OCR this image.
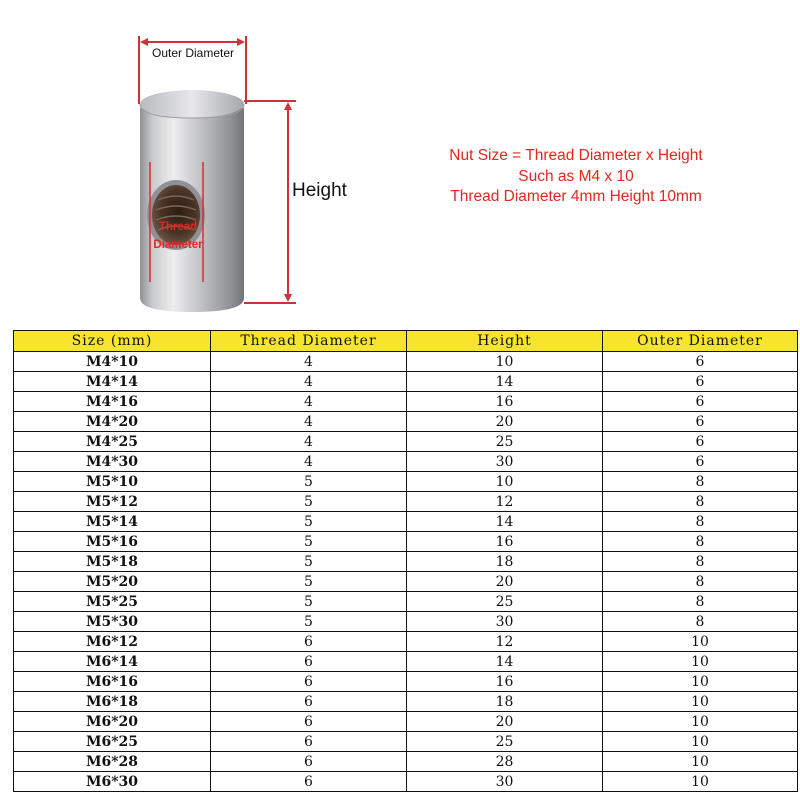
Outer Diameter
Height
Thread
Diameter
Nut Size = Thread Diameter x Height
Such as M4 x 10
Thread Diameter 4mm Height 10mm
Size (mm)	Thread Diameter	Height	Outer Diameter
M4*10	4	10	6
M4*14	4	14	6
M4*16	4	16	6
M4*20	4	20	6
M4*25	4	25	6
M4*30	4	30	6
M5*10	5	10	8
M5*12	5	12	8
M5*14	5	14	8
M5*16	5	16	8
M5*18	5	18	8
M5*20	5	20	8
M5*25	5	25	8
M5*30	5	30	8
M6*12	6	12	10
M6*14	6	14	10
M6*16	6	16	10
M6*18	6	18	10
M6*20	6	20	10
M6*25	6	25	10
M6*28	6	28	10
M6*30	6	30	10
